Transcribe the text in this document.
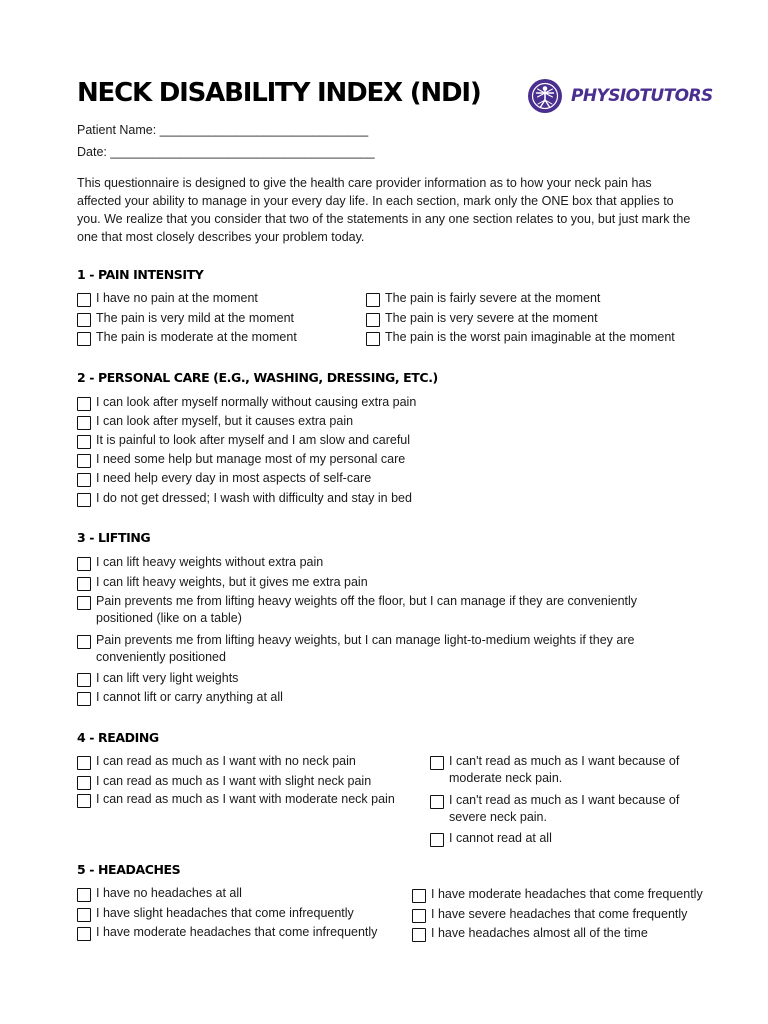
NECK DISABILITY INDEX (NDI)	PHYSIOTUTORS
Patient Name: ______________________________
Date: ______________________________________

This questionnaire is designed to give the health care provider information as to how your neck pain has affected your ability to manage in your every day life. In each section, mark only the ONE box that applies to you. We realize that you consider that two of the statements in any one section relates to you, but just mark the one that most closely describes your problem today.

1 - PAIN INTENSITY
I have no pain at the moment
The pain is very mild at the moment
The pain is moderate at the moment
The pain is fairly severe at the moment
The pain is very severe at the moment
The pain is the worst pain imaginable at the moment
2 - PERSONAL CARE (E.G., WASHING, DRESSING, ETC.)
I can look after myself normally without causing extra pain
I can look after myself, but it causes extra pain
It is painful to look after myself and I am slow and careful
I need some help but manage most of my personal care
I need help every day in most aspects of self-care
I do not get dressed; I wash with difficulty and stay in bed
3 - LIFTING
I can lift heavy weights without extra pain
I can lift heavy weights, but it gives me extra pain
Pain prevents me from lifting heavy weights off the floor, but I can manage if they are conveniently positioned (like on a table)
Pain prevents me from lifting heavy weights, but I can manage light-to-medium weights if they are conveniently positioned
I can lift very light weights
I cannot lift or carry anything at all
4 - READING
I can read as much as I want with no neck pain
I can read as much as I want with slight neck pain
I can read as much as I want with moderate neck pain
I can't read as much as I want because of moderate neck pain.
I can't read as much as I want because of severe neck pain.
I cannot read at all
5 - HEADACHES
I have no headaches at all
I have slight headaches that come infrequently
I have moderate headaches that come infrequently
I have moderate headaches that come frequently
I have severe headaches that come frequently
I have headaches almost all of the time
